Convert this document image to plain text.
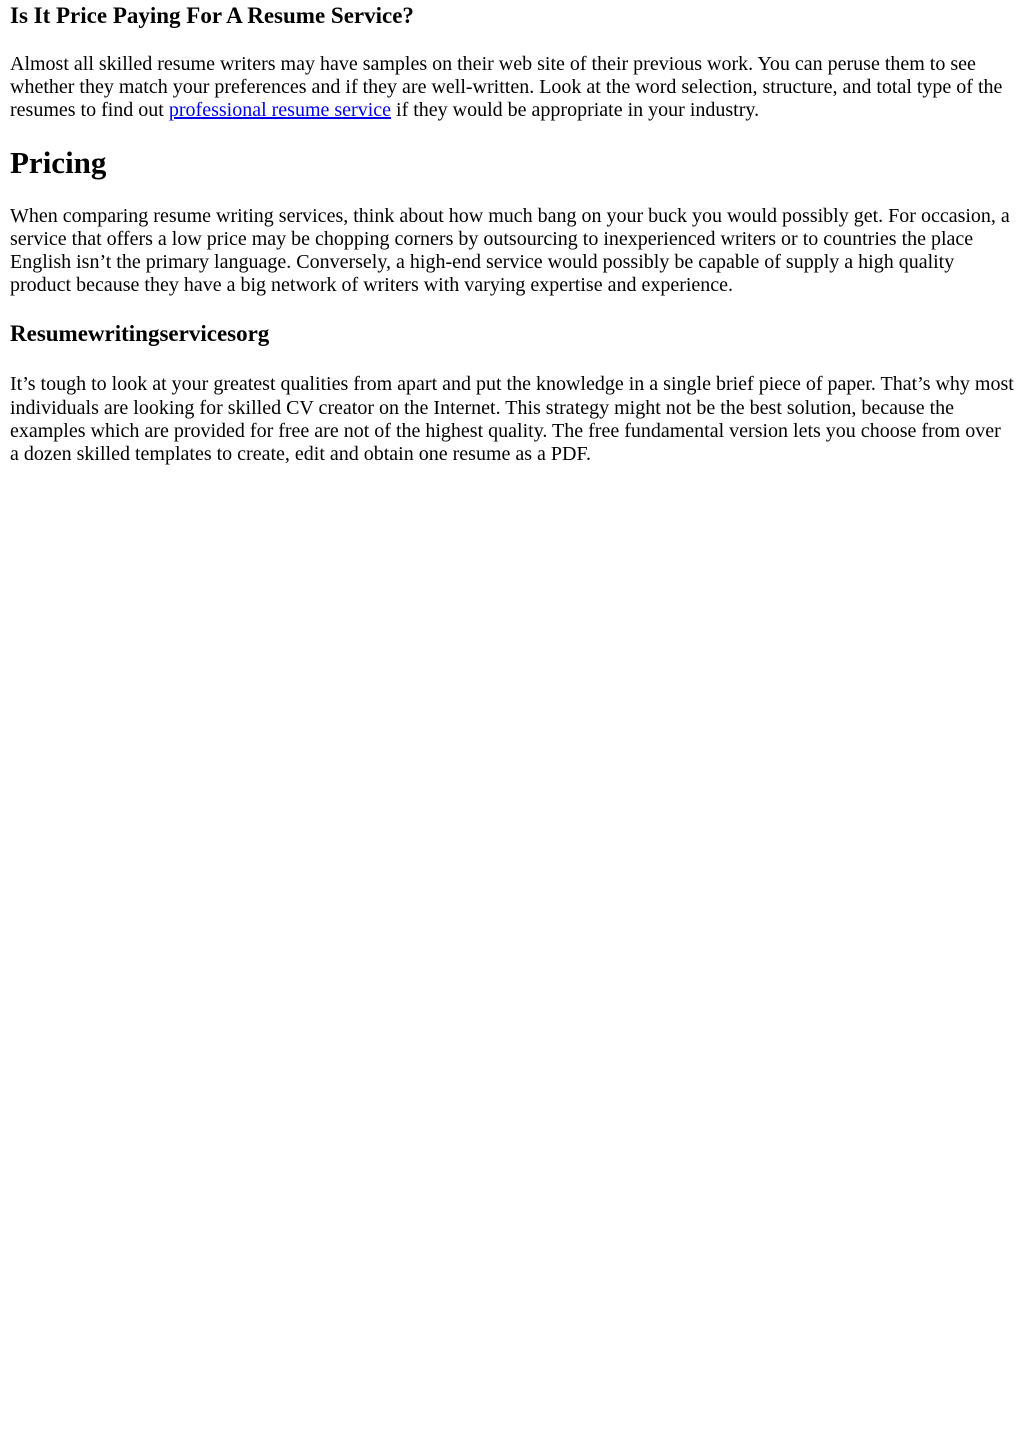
Is It Price Paying For A Resume Service?

Almost all skilled resume writers may have samples on their web site of their previous work. You can peruse them to see whether they match your preferences and if they are well-written. Look at the word selection, structure, and total type of the resumes to find out professional resume service if they would be appropriate in your industry.

Pricing

When comparing resume writing services, think about how much bang on your buck you would possibly get. For occasion, a service that offers a low price may be chopping corners by outsourcing to inexperienced writers or to countries the place English isn’t the primary language. Conversely, a high-end service would possibly be capable of supply a high quality product because they have a big network of writers with varying expertise and experience.

Resumewritingservicesorg

It’s tough to look at your greatest qualities from apart and put the knowledge in a single brief piece of paper. That’s why most individuals are looking for skilled CV creator on the Internet. This strategy might not be the best solution, because the examples which are provided for free are not of the highest quality. The free fundamental version lets you choose from over a dozen skilled templates to create, edit and obtain one resume as a PDF.
